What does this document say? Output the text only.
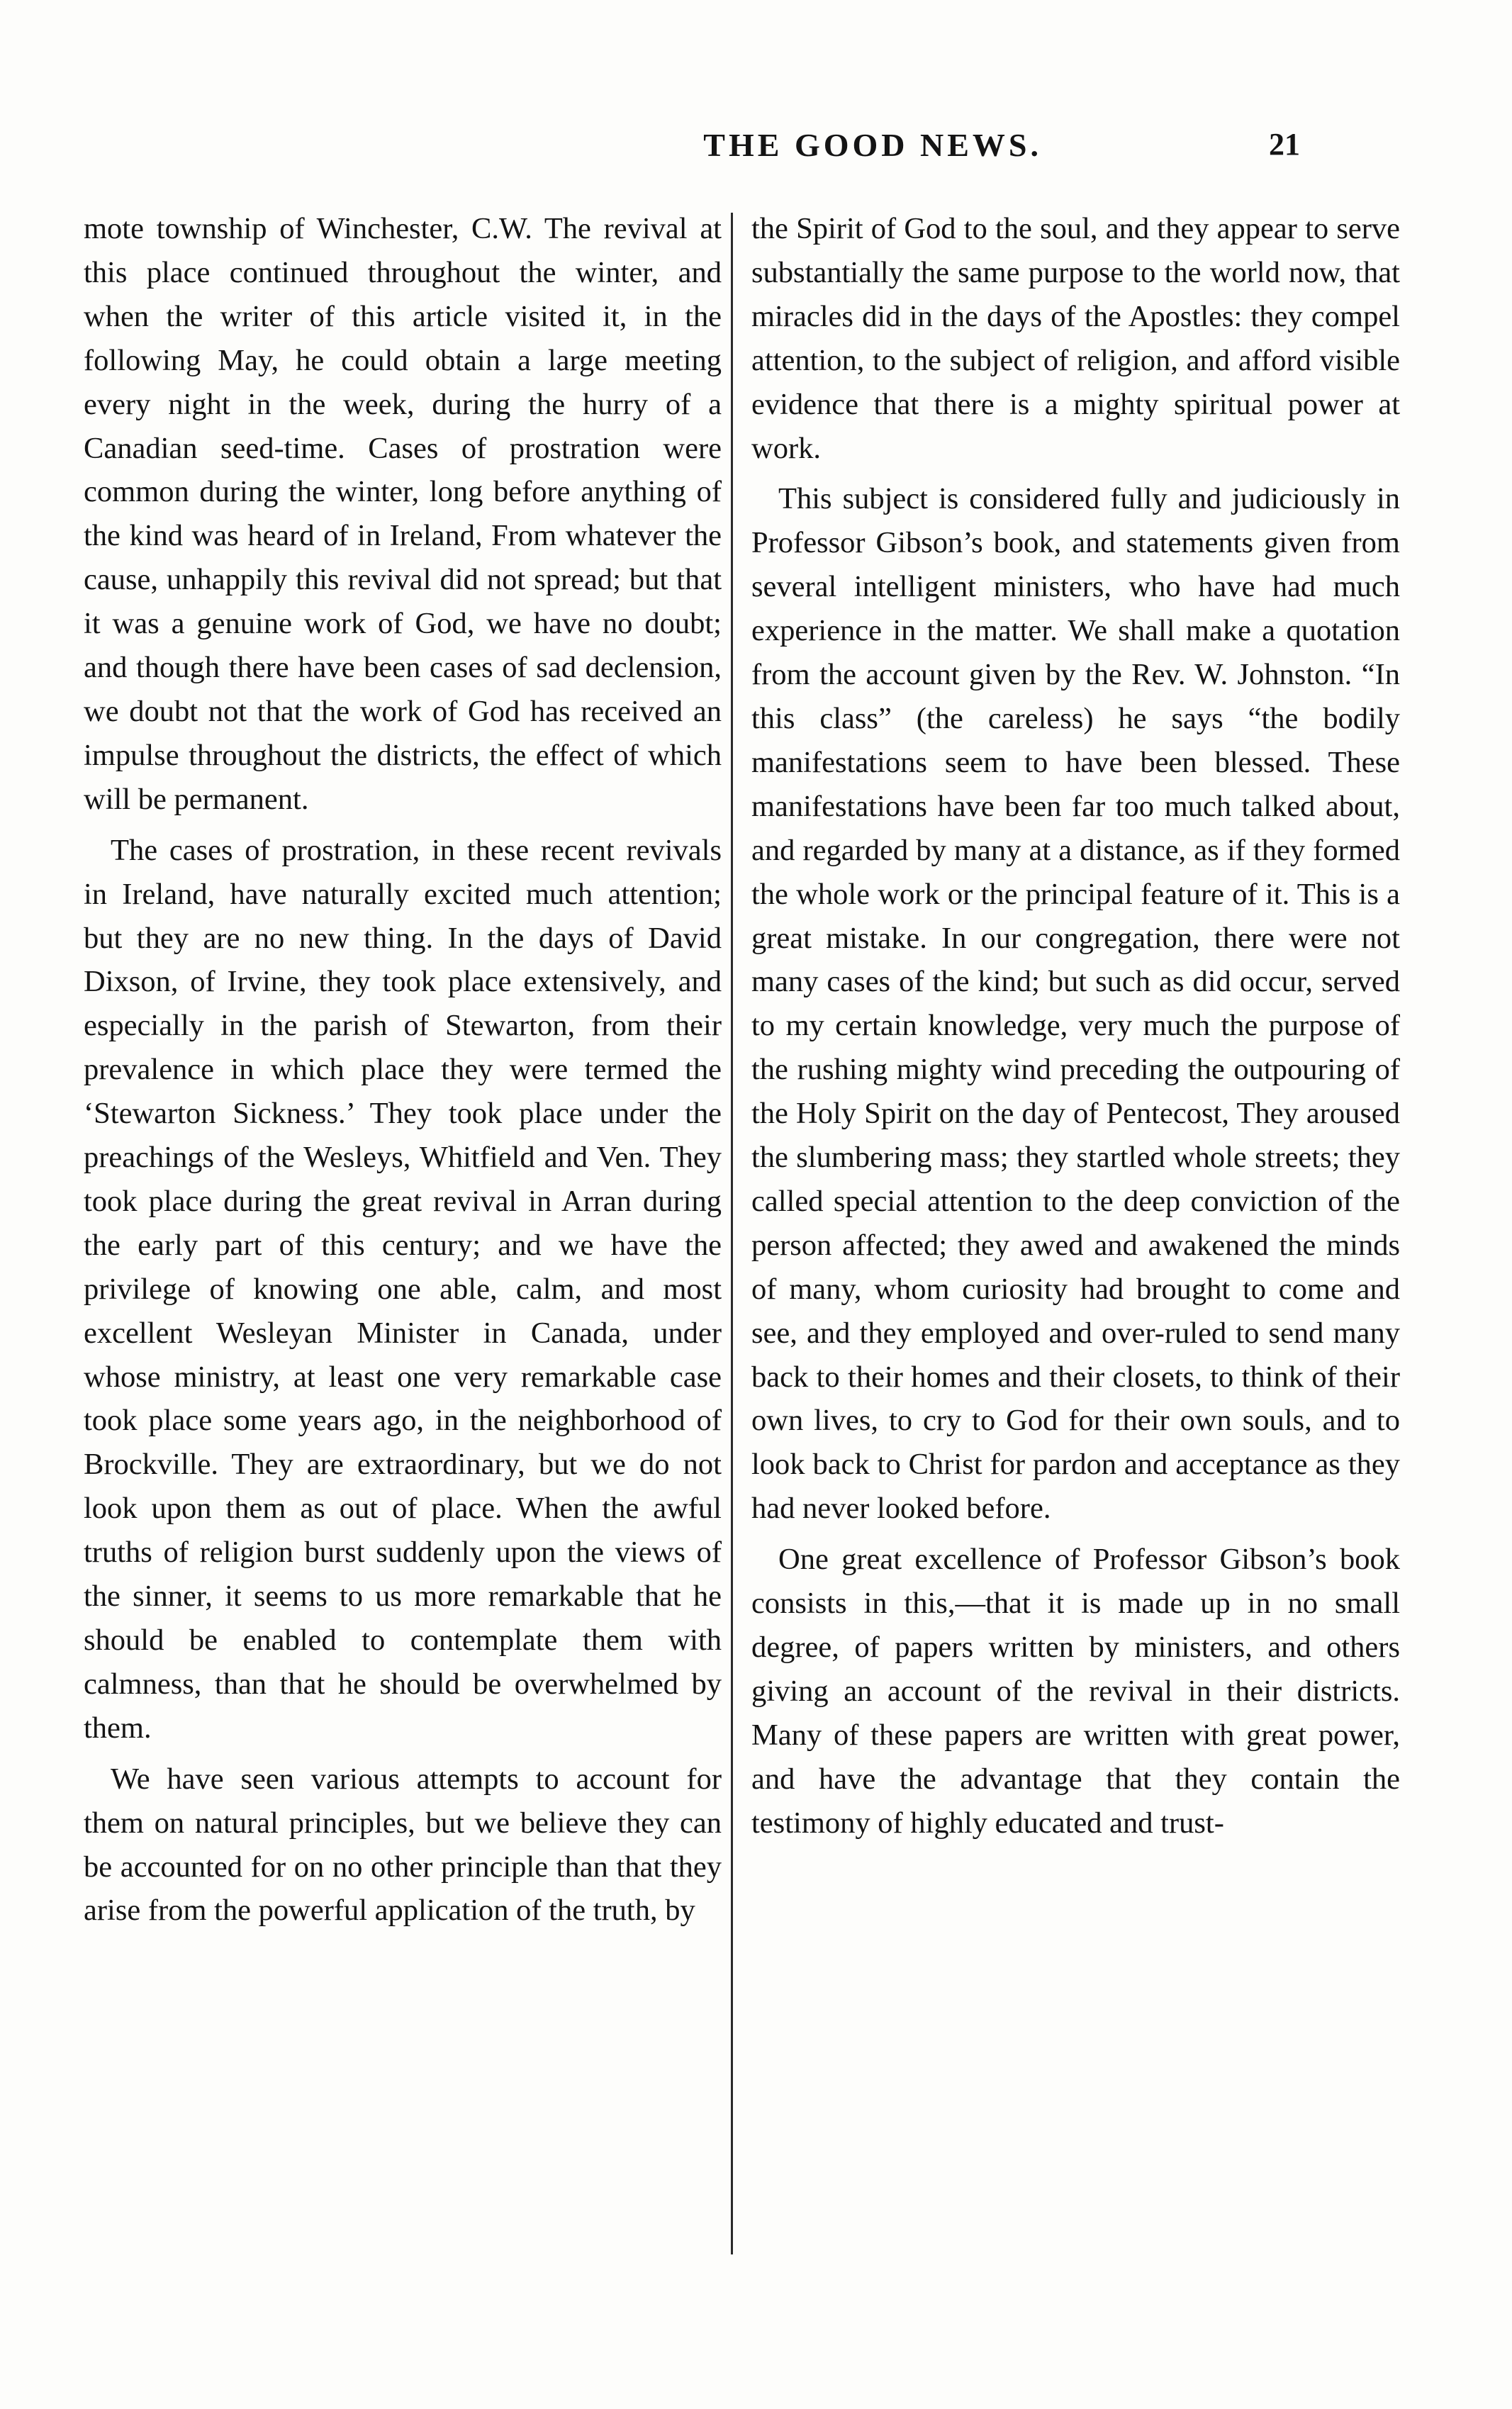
THE GOOD NEWS.	21

mote township of Winchester, C.W. The revival at this place continued throughout the winter, and when the writer of this article visited it, in the following May, he could obtain a large meeting every night in the week, during the hurry of a Canadian seed-time. Cases of prostration were common during the winter, long before anything of the kind was heard of in Ireland, From whatever the cause, unhappily this revival did not spread; but that it was a genuine work of God, we have no doubt; and though there have been cases of sad declension, we doubt not that the work of God has received an impulse throughout the districts, the effect of which will be permanent.

The cases of prostration, in these recent revivals in Ireland, have naturally excited much attention; but they are no new thing. In the days of David Dixson, of Irvine, they took place extensively, and especially in the parish of Stewarton, from their prevalence in which place they were termed the ‘Stewarton Sickness.’ They took place under the preachings of the Wesleys, Whitfield and Ven. They took place during the great revival in Arran during the early part of this century; and we have the privilege of knowing one able, calm, and most excellent Wesleyan Minister in Canada, under whose ministry, at least one very remarkable case took place some years ago, in the neighborhood of Brockville. They are extraordinary, but we do not look upon them as out of place. When the awful truths of religion burst suddenly upon the views of the sinner, it seems to us more remarkable that he should be enabled to contemplate them with calmness, than that he should be overwhelmed by them.

We have seen various attempts to account for them on natural principles, but we believe they can be accounted for on no other principle than that they arise from the powerful application of the truth, by

the Spirit of God to the soul, and they appear to serve substantially the same purpose to the world now, that miracles did in the days of the Apostles: they compel attention, to the subject of religion, and afford visible evidence that there is a mighty spiritual power at work.

This subject is considered fully and judiciously in Professor Gibson’s book, and statements given from several intelligent ministers, who have had much experience in the matter. We shall make a quotation from the account given by the Rev. W. Johnston. “In this class” (the careless) he says “the bodily manifestations seem to have been blessed. These manifestations have been far too much talked about, and regarded by many at a distance, as if they formed the whole work or the principal feature of it. This is a great mistake. In our congregation, there were not many cases of the kind; but such as did occur, served to my certain knowledge, very much the purpose of the rushing mighty wind preceding the outpouring of the Holy Spirit on the day of Pentecost, They aroused the slumbering mass; they startled whole streets; they called special attention to the deep conviction of the person affected; they awed and awakened the minds of many, whom curiosity had brought to come and see, and they employed and over-ruled to send many back to their homes and their closets, to think of their own lives, to cry to God for their own souls, and to look back to Christ for pardon and acceptance as they had never looked before.

One great excellence of Professor Gibson’s book consists in this,—that it is made up in no small degree, of papers written by ministers, and others giving an account of the revival in their districts. Many of these papers are written with great power, and have the advantage that they contain the testimony of highly educated and trust-
